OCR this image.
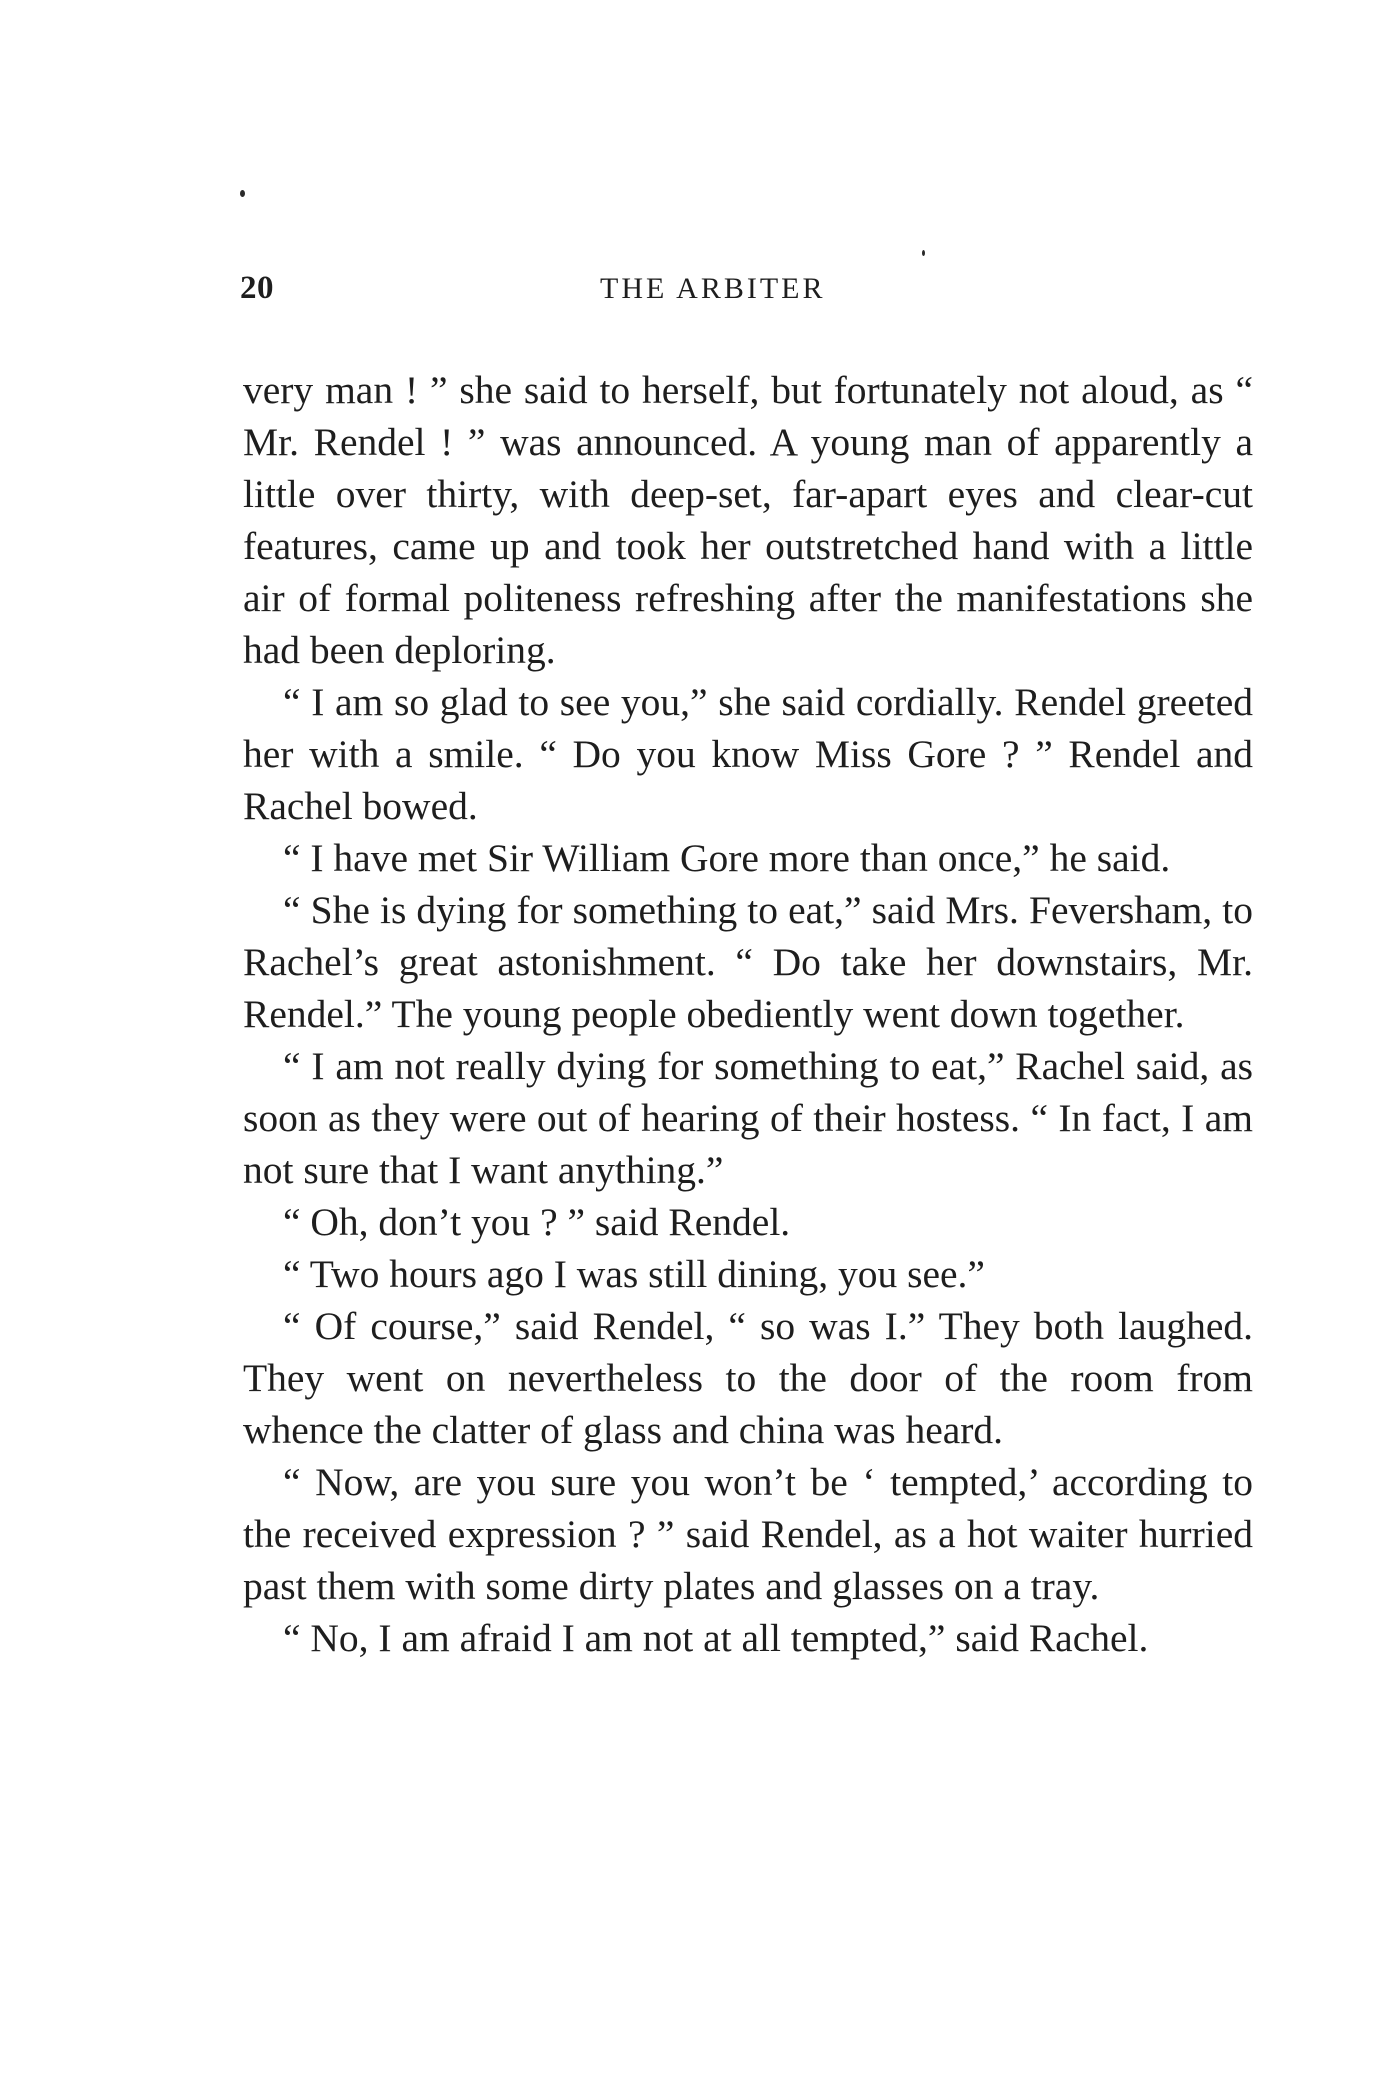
20	THE ARBITER

very man ! ” she said to herself, but fortunately not aloud, as “ Mr. Rendel ! ” was announced. A young man of apparently a little over thirty, with deep-set, far-apart eyes and clear-cut features, came up and took her outstretched hand with a little air of formal politeness refreshing after the manifestations she had been deploring.

“ I am so glad to see you,” she said cordially. Rendel greeted her with a smile. “ Do you know Miss Gore ? ” Rendel and Rachel bowed.

“ I have met Sir William Gore more than once,” he said.

“ She is dying for something to eat,” said Mrs. Feversham, to Rachel’s great astonishment. “ Do take her downstairs, Mr. Rendel.” The young people obediently went down together.

“ I am not really dying for something to eat,” Rachel said, as soon as they were out of hearing of their hostess. “ In fact, I am not sure that I want anything.”

“ Oh, don’t you ? ” said Rendel.

“ Two hours ago I was still dining, you see.”

“ Of course,” said Rendel, “ so was I.” They both laughed. They went on nevertheless to the door of the room from whence the clatter of glass and china was heard.

“ Now, are you sure you won’t be ‘ tempted,’ according to the received expression ? ” said Rendel, as a hot waiter hurried past them with some dirty plates and glasses on a tray.

“ No, I am afraid I am not at all tempted,” said Rachel.
